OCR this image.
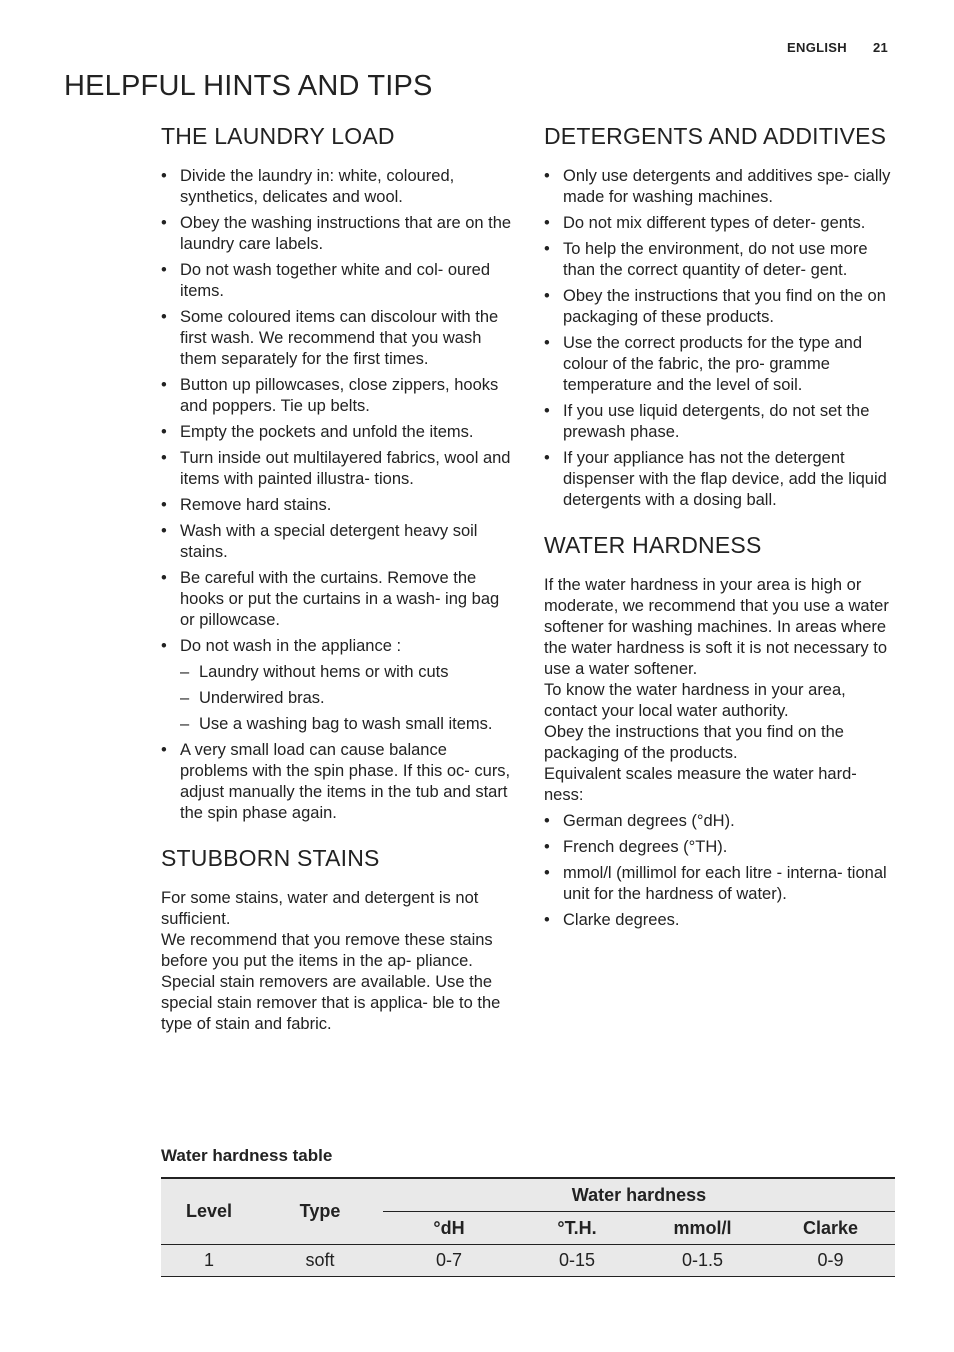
ENGLISH 21
HELPFUL HINTS AND TIPS
THE LAUNDRY LOAD
• Divide the laundry in: white, coloured, synthetics, delicates and wool.
• Obey the washing instructions that are on the laundry care labels.
• Do not wash together white and col- oured items.
• Some coloured items can discolour with the first wash. We recommend that you wash them separately for the first times.
• Button up pillowcases, close zippers, hooks and poppers. Tie up belts.
• Empty the pockets and unfold the items.
• Turn inside out multilayered fabrics, wool and items with painted illustra- tions.
• Remove hard stains.
• Wash with a special detergent heavy soil stains.
• Be careful with the curtains. Remove the hooks or put the curtains in a wash- ing bag or pillowcase.
• Do not wash in the appliance :
– Laundry without hems or with cuts
– Underwired bras.
– Use a washing bag to wash small items.
• A very small load can cause balance problems with the spin phase. If this oc- curs, adjust manually the items in the tub and start the spin phase again.
STUBBORN STAINS

For some stains, water and detergent is not sufficient.

We recommend that you remove these stains before you put the items in the ap- pliance.

Special stain removers are available. Use the special stain remover that is applica- ble to the type of stain and fabric.

DETERGENTS AND ADDITIVES
• Only use detergents and additives spe- cially made for washing machines.
• Do not mix different types of deter- gents.
• To help the environment, do not use more than the correct quantity of deter- gent.
• Obey the instructions that you find on the on packaging of these products.
• Use the correct products for the type and colour of the fabric, the pro- gramme temperature and the level of soil.
• If you use liquid detergents, do not set the prewash phase.
• If your appliance has not the detergent dispenser with the flap device, add the liquid detergents with a dosing ball.
WATER HARDNESS

If the water hardness in your area is high or moderate, we recommend that you use a water softener for washing machines. In areas where the water hardness is soft it is not necessary to use a water softener.

To know the water hardness in your area, contact your local water authority.

Obey the instructions that you find on the packaging of the products.

Equivalent scales measure the water hard- ness:

• German degrees (°dH).
• French degrees (°TH).
• mmol/l (millimol for each litre - interna- tional unit for the hardness of water).
• Clarke degrees.
Water hardness table
Level	Type	Water hardness			
		°dH	°T.H.	mmol/l	Clarke
1	soft	0-7	0-15	0-1.5	0-9
